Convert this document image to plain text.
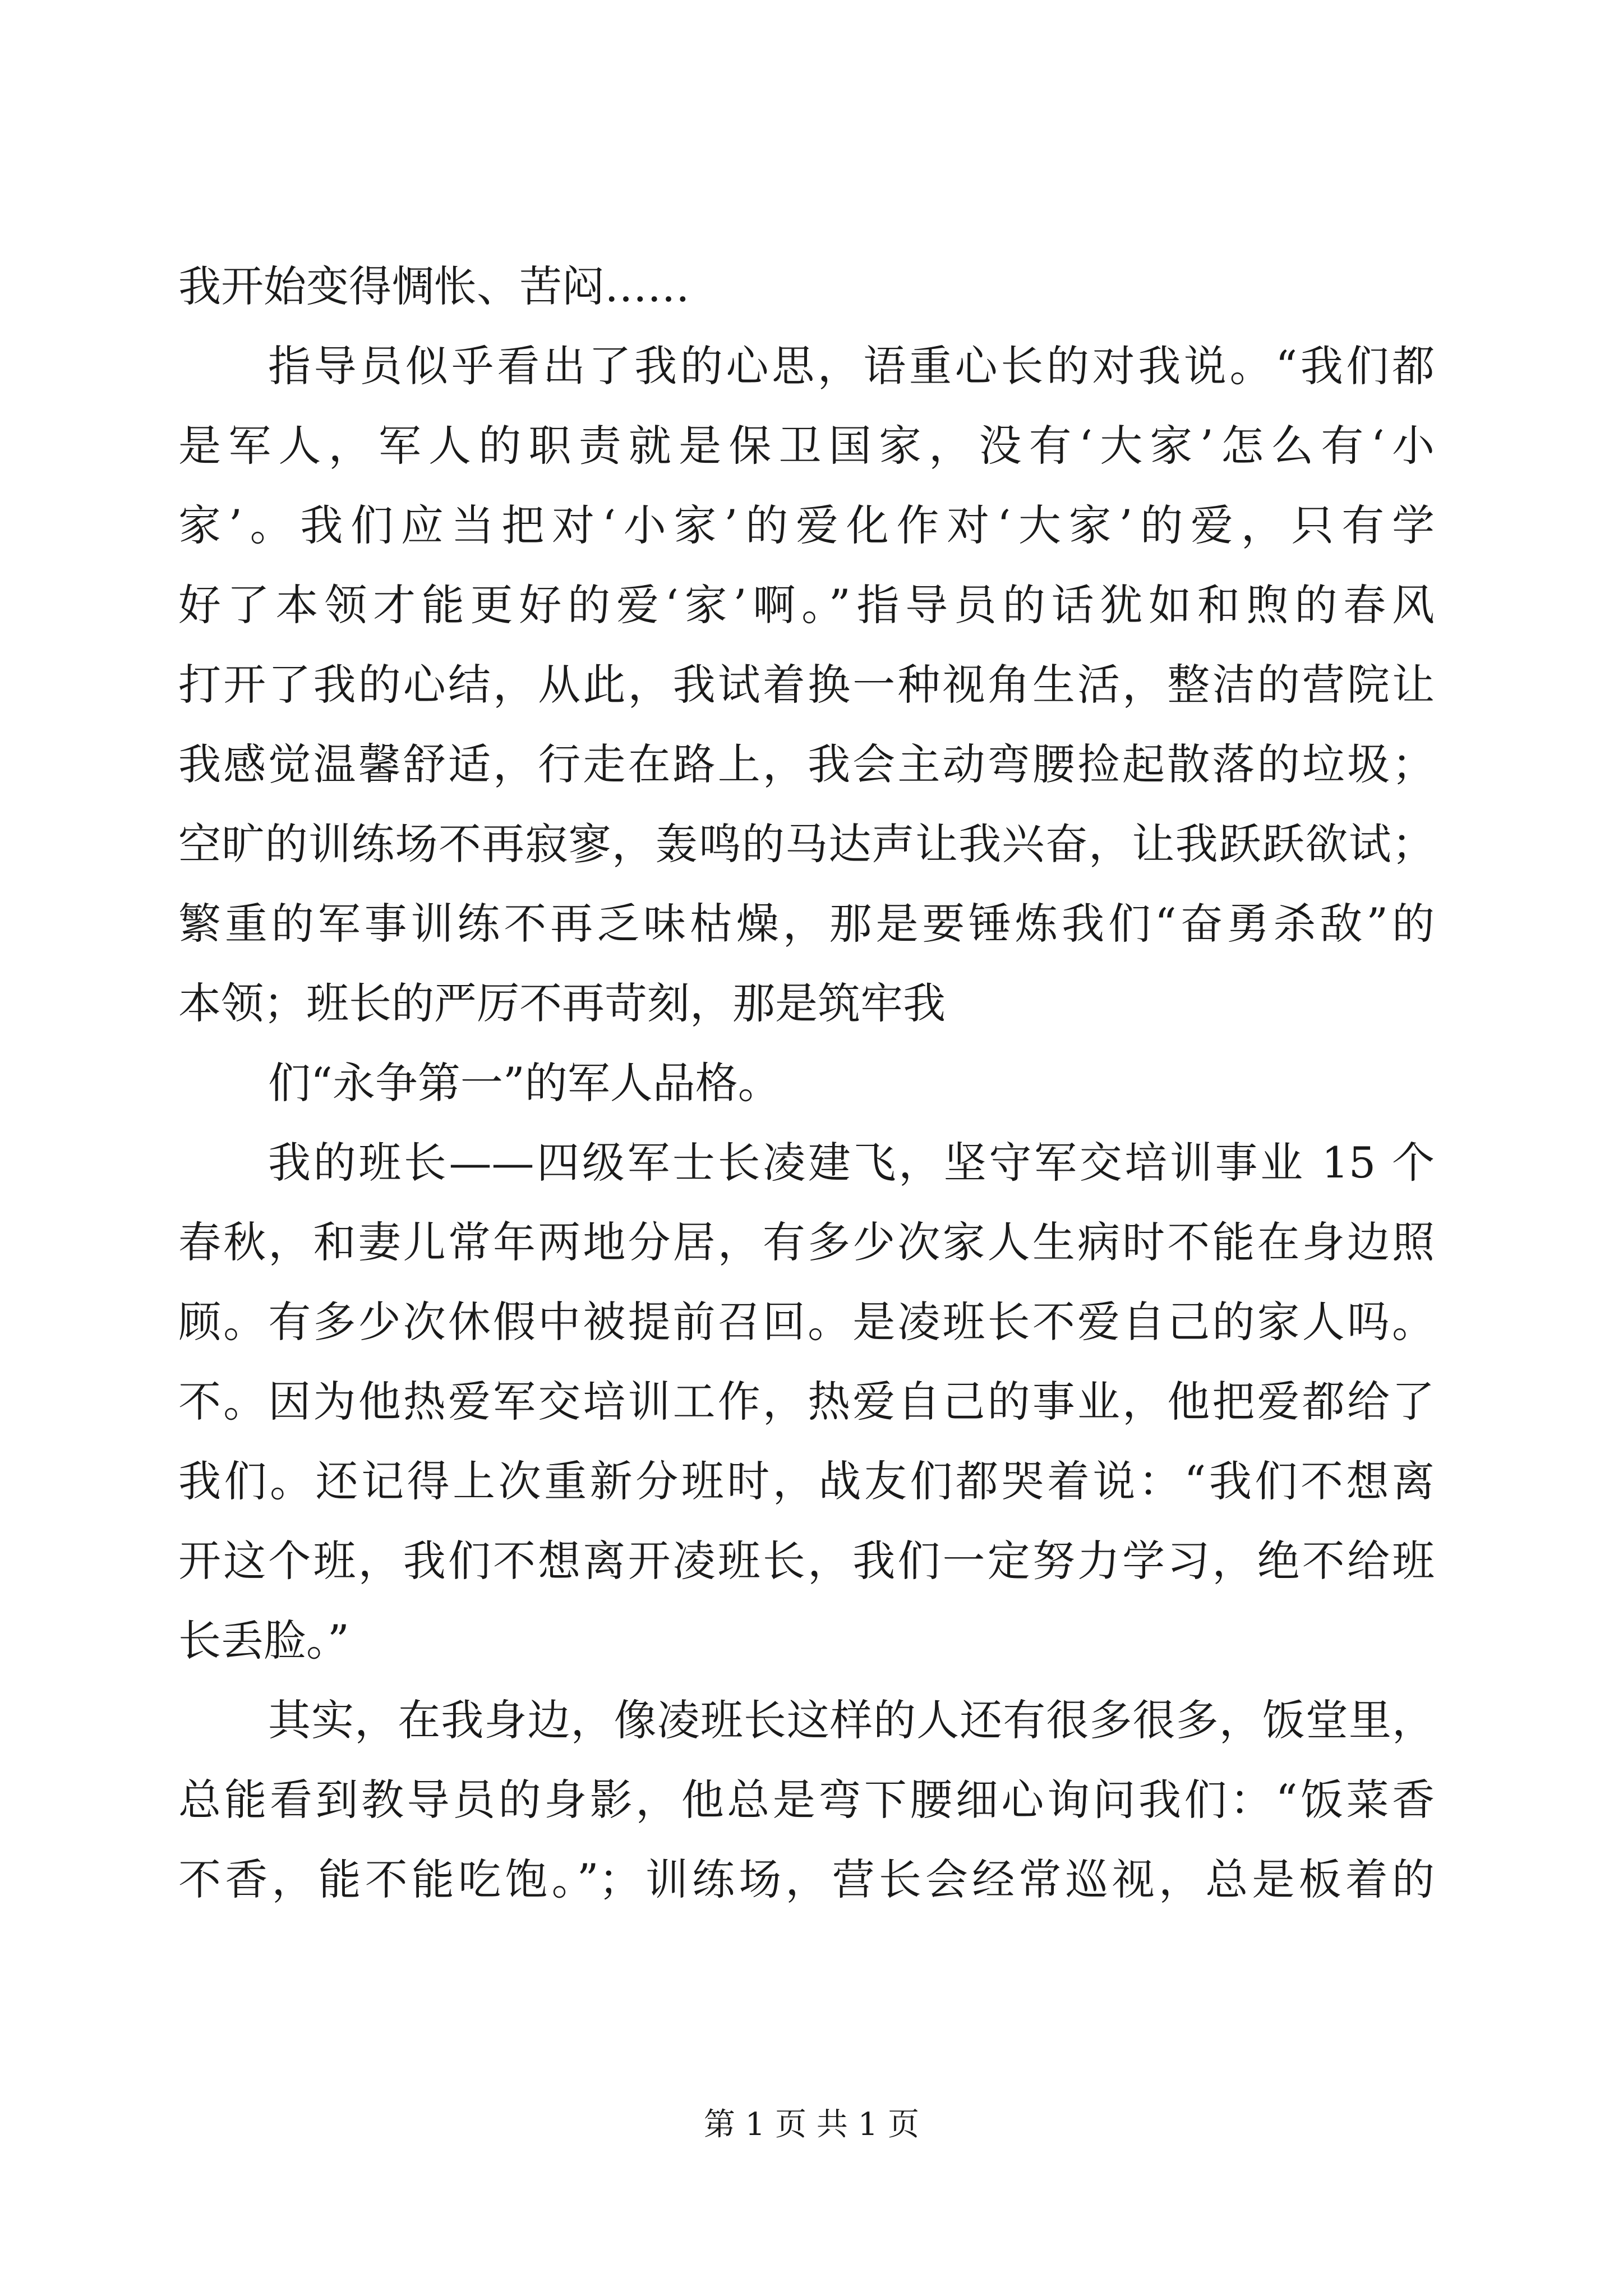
我开始变得惆怅、苦闷……
指导员似乎看出了我的心思，语重心长的对我说。“我们都
是军人，军人的职责就是保卫国家，没有‘大家’怎么有‘小
家’。我们应当把对‘小家’的爱化作对‘大家’的爱，只有学
好了本领才能更好的爱‘家’啊。”指导员的话犹如和煦的春风
打开了我的心结，从此，我试着换一种视角生活，整洁的营院让
我感觉温馨舒适，行走在路上，我会主动弯腰捡起散落的垃圾；
空旷的训练场不再寂寥，轰鸣的马达声让我兴奋，让我跃跃欲试；
繁重的军事训练不再乏味枯燥，那是要锤炼我们“奋勇杀敌”的
本领；班长的严厉不再苛刻，那是筑牢我
们“永争第一”的军人品格。
我的班长——四级军士长凌建飞，坚守军交培训事业 15 个
春秋，和妻儿常年两地分居，有多少次家人生病时不能在身边照
顾。有多少次休假中被提前召回。是凌班长不爱自己的家人吗。
不。因为他热爱军交培训工作，热爱自己的事业，他把爱都给了
我们。还记得上次重新分班时，战友们都哭着说：“我们不想离
开这个班，我们不想离开凌班长，我们一定努力学习，绝不给班
长丢脸。”
其实，在我身边，像凌班长这样的人还有很多很多，饭堂里，
总能看到教导员的身影，他总是弯下腰细心询问我们：“饭菜香
不香，能不能吃饱。”；训练场，营长会经常巡视，总是板着的
第 1 页 共 1 页
